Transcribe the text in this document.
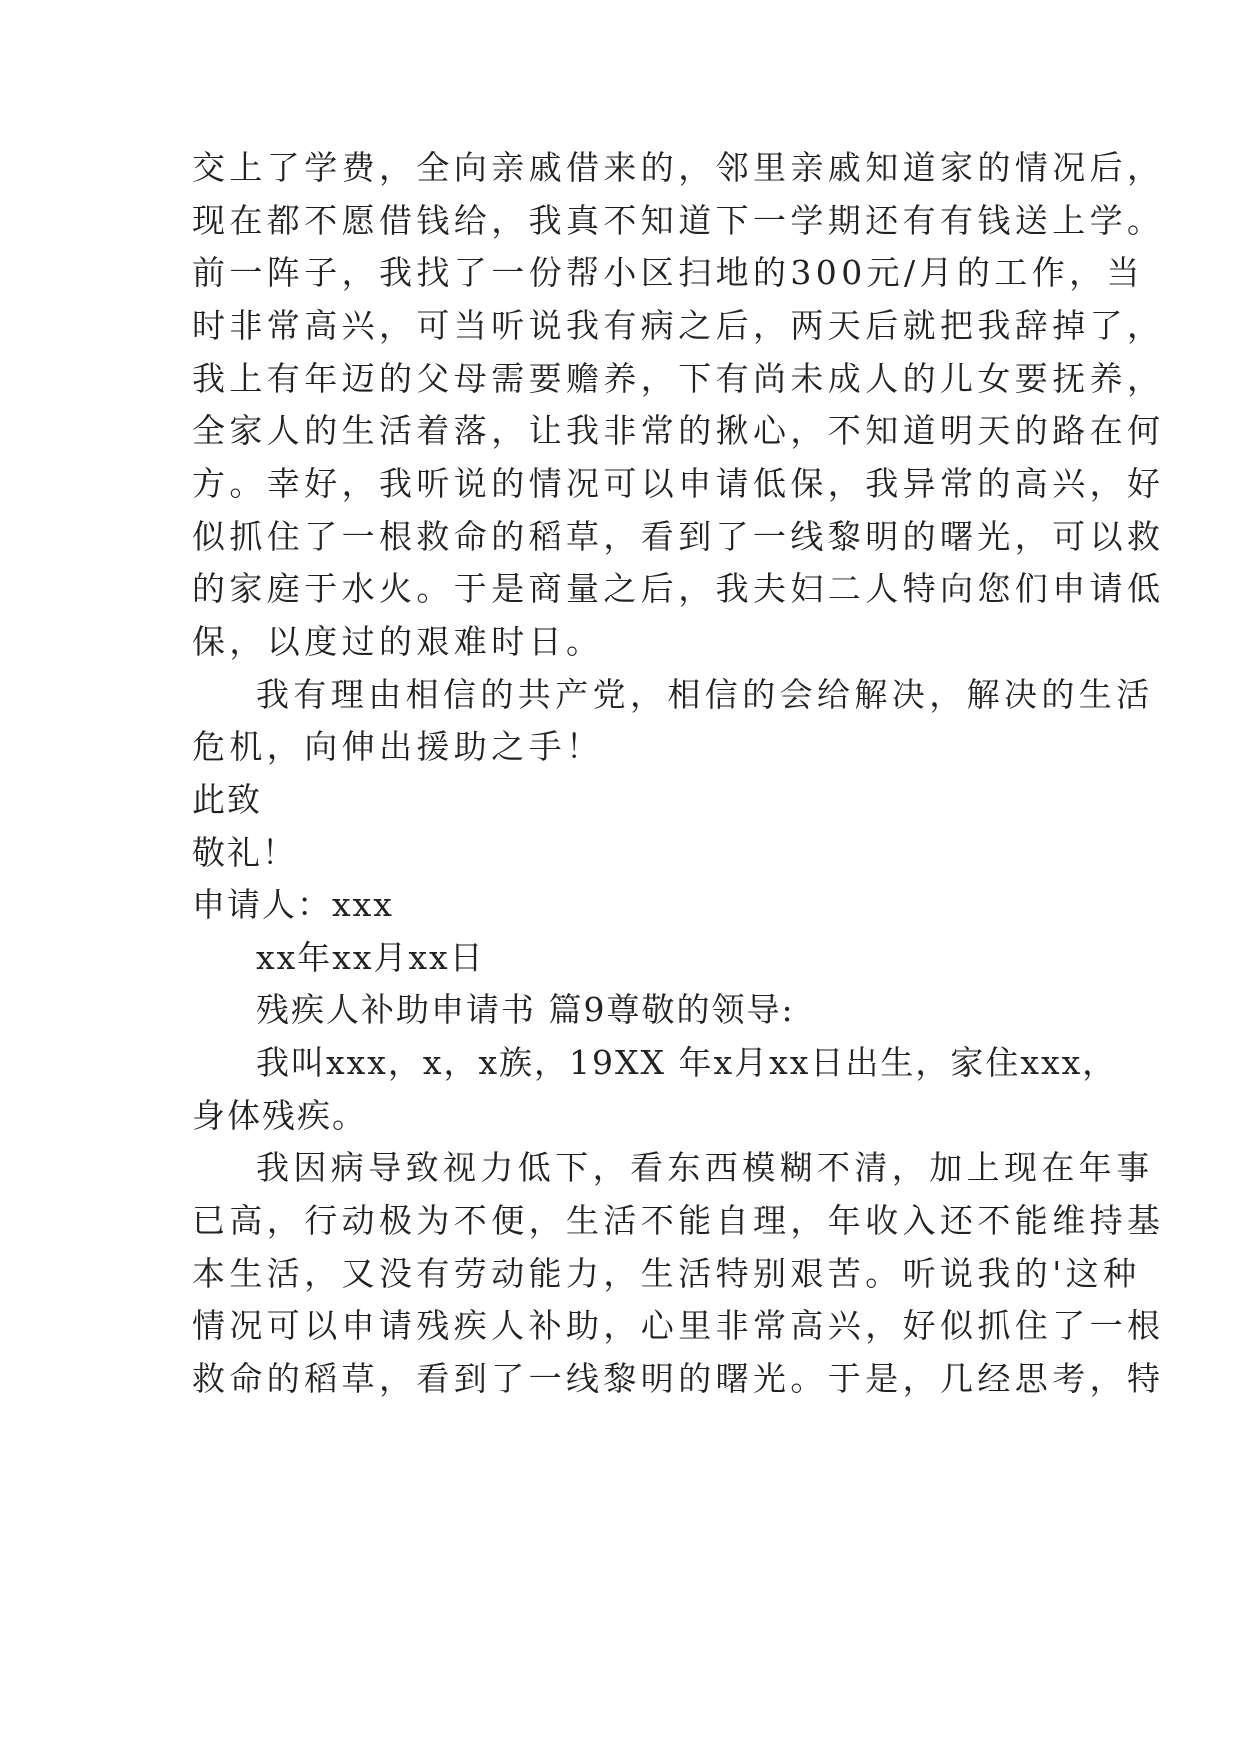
交上了学费，全向亲戚借来的，邻里亲戚知道家的情况后，
现在都不愿借钱给，我真不知道下一学期还有有钱送上学。
前一阵子，我找了一份帮小区扫地的300元/月的工作，当
时非常高兴，可当听说我有病之后，两天后就把我辞掉了，
我上有年迈的父母需要赡养，下有尚未成人的儿女要抚养，
全家人的生活着落，让我非常的揪心，不知道明天的路在何
方。幸好，我听说的情况可以申请低保，我异常的高兴，好
似抓住了一根救命的稻草，看到了一线黎明的曙光，可以救
的家庭于水火。于是商量之后，我夫妇二人特向您们申请低
保，以度过的艰难时日。
我有理由相信的共产党，相信的会给解决，解决的生活
危机，向伸出援助之手！
此致
敬礼！
申请人：xxx
xx年xx月xx日
残疾人补助申请书 篇9尊敬的领导:
我叫xxx，x，x族，19XX 年x月xx日出生，家住xxx，
身体残疾。
我因病导致视力低下，看东西模糊不清，加上现在年事
已高，行动极为不便，生活不能自理，年收入还不能维持基
本生活，又没有劳动能力，生活特别艰苦。听说我的'这种
情况可以申请残疾人补助，心里非常高兴，好似抓住了一根
救命的稻草，看到了一线黎明的曙光。于是，几经思考，特
